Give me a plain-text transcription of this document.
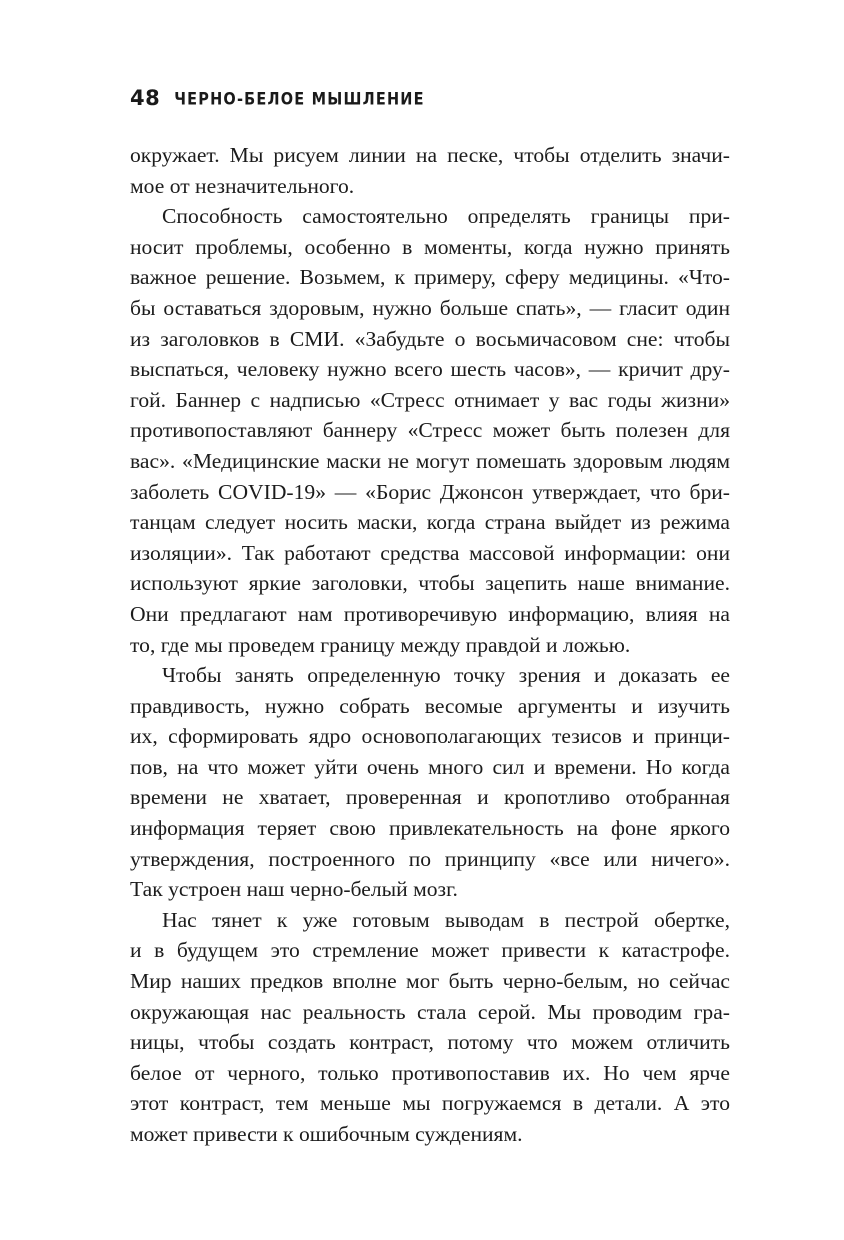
48 ЧЕРНО-БЕЛОЕ МЫШЛЕНИЕ
окружает. Мы рисуем линии на песке, чтобы отделить значи-
мое от незначительного.
Способность самостоятельно определять границы при-
носит проблемы, особенно в моменты, когда нужно принять
важное решение. Возьмем, к примеру, сферу медицины. «Что-
бы оставаться здоровым, нужно больше спать», — гласит один
из заголовков в СМИ. «Забудьте о восьмичасовом сне: чтобы
выспаться, человеку нужно всего шесть часов», — кричит дру-
гой. Баннер с надписью «Стресс отнимает у вас годы жизни»
противопоставляют баннеру «Стресс может быть полезен для
вас». «Медицинские маски не могут помешать здоровым людям
заболеть COVID-19» — «Борис Джонсон утверждает, что бри-
танцам следует носить маски, когда страна выйдет из режима
изоляции». Так работают средства массовой информации: они
используют яркие заголовки, чтобы зацепить наше внимание.
Они предлагают нам противоречивую информацию, влияя на
то, где мы проведем границу между правдой и ложью.
Чтобы занять определенную точку зрения и доказать ее
правдивость, нужно собрать весомые аргументы и изучить
их, сформировать ядро основополагающих тезисов и принци-
пов, на что может уйти очень много сил и времени. Но когда
времени не хватает, проверенная и кропотливо отобранная
информация теряет свою привлекательность на фоне яркого
утверждения, построенного по принципу «все или ничего».
Так устроен наш черно-белый мозг.
Нас тянет к уже готовым выводам в пестрой обертке,
и в будущем это стремление может привести к катастрофе.
Мир наших предков вполне мог быть черно-белым, но сейчас
окружающая нас реальность стала серой. Мы проводим гра-
ницы, чтобы создать контраст, потому что можем отличить
белое от черного, только противопоставив их. Но чем ярче
этот контраст, тем меньше мы погружаемся в детали. А это
может привести к ошибочным суждениям.
